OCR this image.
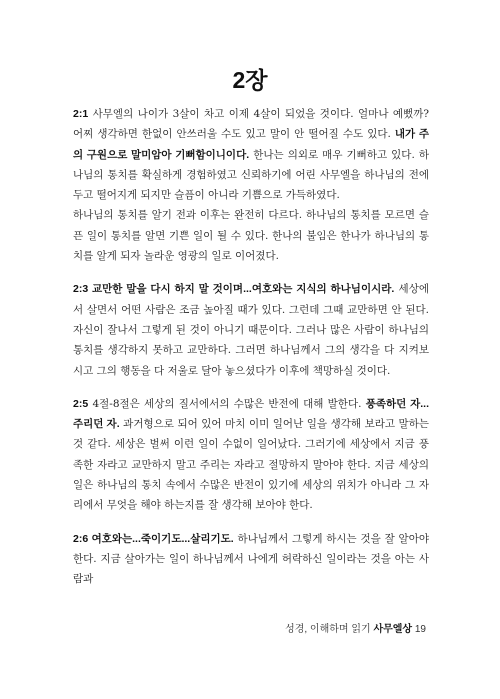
2장

2:1 사무엘의 나이가 3살이 차고 이제 4살이 되었을 것이다. 얼마나 예뻤까? 어찌 생각하면 한없이 안쓰러울 수도 있고 말이 안 떨어질 수도 있다. 내가 주의 구원으로 말미암아 기뻐함이니이다. 한나는 의외로 매우 기뻐하고 있다. 하나님의 통치를 확실하게 경험하였고 신뢰하기에 어린 사무엘을 하나님의 전에 두고 떨어지게 되지만 슬픔이 아니라 기쁨으로 가득하였다.
하나님의 통치를 알기 전과 이후는 완전히 다르다. 하나님의 통치를 모르면 슬픈 일이 통치를 알면 기쁜 일이 될 수 있다. 한나의 불임은 한나가 하나님의 통치를 알게 되자 놀라운 영광의 일로 이어졌다.

2:3 교만한 말을 다시 하지 말 것이며...여호와는 지식의 하나님이시라. 세상에서 살면서 어떤 사람은 조금 높아질 때가 있다. 그런데 그때 교만하면 안 된다. 자신이 잘나서 그렇게 된 것이 아니기 때문이다. 그러나 많은 사람이 하나님의 통치를 생각하지 못하고 교만하다. 그러면 하나님께서 그의 생각을 다 지켜보시고 그의 행동을 다 저울로 달아 놓으셨다가 이후에 책망하실 것이다.

2:5 4절-8절은 세상의 질서에서의 수많은 반전에 대해 발한다. 풍족하던 자...주리던 자. 과거형으로 되어 있어 마치 이미 일어난 일을 생각해 보라고 말하는 것 같다. 세상은 벌써 이런 일이 수없이 일어났다. 그러기에 세상에서 지금 풍족한 자라고 교만하지 말고 주리는 자라고 절망하지 말아야 한다. 지금 세상의 일은 하나님의 통치 속에서 수많은 반전이 있기에 세상의 위치가 아니라 그 자리에서 무엇을 해야 하는지를 잘 생각해 보아야 한다.

2:6 여호와는...죽이기도...살리기도. 하나님께서 그렇게 하시는 것을 잘 알아야 한다. 지금 살아가는 일이 하나님께서 나에게 허락하신 일이라는 것을 아는 사람과

성경, 이해하며 읽기 사무엘상 19
